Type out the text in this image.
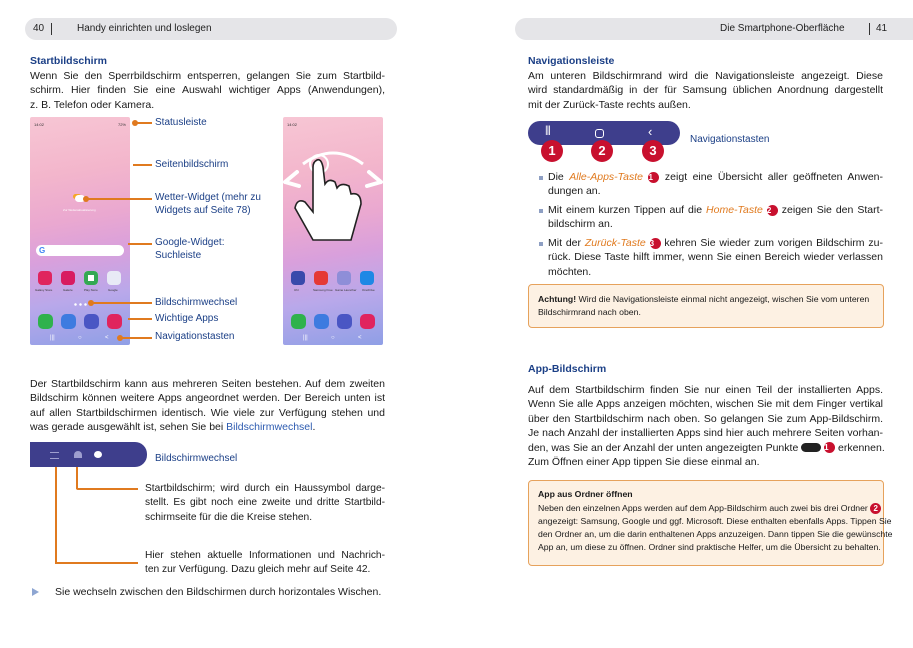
40	Handy einrichten und loslegen
Startbildschirm
Wenn Sie den Sperrbildschirm entsperren, gelangen Sie zum Startbild-
schirm. Hier finden Sie eine Auswahl wichtiger Apps (Anwendungen),
z. B. Telefon oder Kamera.
14:02	72%
Zur Wetteraktualisierung
G
Galaxy Store	Galerie	Play Store	Google
|||	○	<
14:02
Uhr	Samsung Free Game Launcher OneDrive
|||	○	<
Statusleiste
Seitenbildschirm
Wetter-Widget (mehr zu
Widgets auf Seite 78)
Google-Widget:
Suchleiste
Bildschirmwechsel
Wichtige Apps
Navigationstasten
Der Startbildschirm kann aus mehreren Seiten bestehen. Auf dem zweiten
Bildschirm können weitere Apps angeordnet werden. Der Bereich unten ist
auf allen Startbildschirmen identisch. Wie viele zur Verfügung stehen und
was gerade ausgewählt ist, sehen Sie bei Bildschirmwechsel.
Bildschirmwechsel
Startbildschirm; wird durch ein Haussymbol darge-
stellt. Es gibt noch eine zweite und dritte Startbild-
schirmseite für die die Kreise stehen.
Hier stehen aktuelle Informationen und Nachrich-
ten zur Verfügung. Dazu gleich mehr auf Seite 42.
Sie wechseln zwischen den Bildschirmen durch horizontales Wischen.
Die Smartphone-Oberfläche	41
Navigationsleiste
Am unteren Bildschirmrand wird die Navigationsleiste angezeigt. Diese
wird standardmäßig in der für Samsung üblichen Anordnung dargestellt
mit der Zurück-Taste rechts außen.
|||	‹
1	2	3
Navigationstasten
Die Alle-Apps-Taste 1 zeigt eine Übersicht aller geöffneten Anwen-
dungen an.
Mit einem kurzen Tippen auf die Home-Taste 2 zeigen Sie den Start-
bildschirm an.
Mit der Zurück-Taste 3 kehren Sie wieder zum vorigen Bildschirm zu-
rück. Diese Taste hilft immer, wenn Sie einen Bereich wieder verlassen
möchten.
Achtung! Wird die Navigationsleiste einmal nicht angezeigt, wischen Sie vom unteren
Bildschirmrand nach oben.
App-Bildschirm
Auf dem Startbildschirm finden Sie nur einen Teil der installierten Apps.
Wenn Sie alle Apps anzeigen möchten, wischen Sie mit dem Finger vertikal
über den Startbildschirm nach oben. So gelangen Sie zum App-Bildschirm.
Je nach Anzahl der installierten Apps sind hier auch mehrere Seiten vorhan-
den, was Sie an der Anzahl der unten angezeigten Punkte	1 erkennen.
Zum Öffnen einer App tippen Sie diese einmal an.
App aus Ordner öffnen
Neben den einzelnen Apps werden auf dem App-Bildschirm auch zwei bis drei Ordner 2
angezeigt: Samsung, Google und ggf. Microsoft. Diese enthalten ebenfalls Apps. Tippen Sie
den Ordner an, um die darin enthaltenen Apps anzuzeigen. Dann tippen Sie die gewünschte
App an, um diese zu öffnen. Ordner sind praktische Helfer, um die Übersicht zu behalten.
